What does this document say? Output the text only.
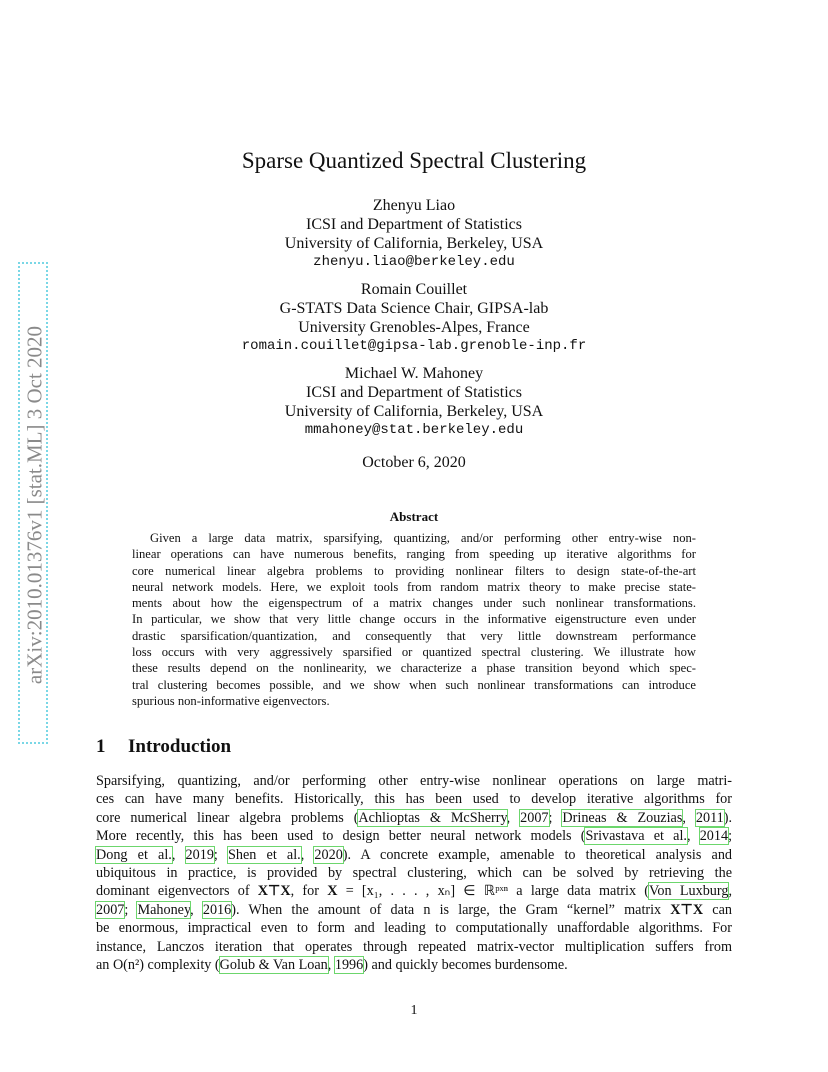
arXiv:2010.01376v1 [stat.ML] 3 Oct 2020
Sparse Quantized Spectral Clustering
Zhenyu Liao
ICSI and Department of Statistics
University of California, Berkeley, USA
zhenyu.liao@berkeley.edu
Romain Couillet
G-STATS Data Science Chair, GIPSA-lab
University Grenobles-Alpes, France
romain.couillet@gipsa-lab.grenoble-inp.fr
Michael W. Mahoney
ICSI and Department of Statistics
University of California, Berkeley, USA
mmahoney@stat.berkeley.edu
October 6, 2020
Abstract
Given a large data matrix, sparsifying, quantizing, and/or performing other entry-wise non-
linear operations can have numerous benefits, ranging from speeding up iterative algorithms for
core numerical linear algebra problems to providing nonlinear filters to design state-of-the-art
neural network models. Here, we exploit tools from random matrix theory to make precise state-
ments about how the eigenspectrum of a matrix changes under such nonlinear transformations.
In particular, we show that very little change occurs in the informative eigenstructure even under
drastic sparsification/quantization, and consequently that very little downstream performance
loss occurs with very aggressively sparsified or quantized spectral clustering. We illustrate how
these results depend on the nonlinearity, we characterize a phase transition beyond which spec-
tral clustering becomes possible, and we show when such nonlinear transformations can introduce
spurious non-informative eigenvectors.
1 Introduction
Sparsifying, quantizing, and/or performing other entry-wise nonlinear operations on large matri-
ces can have many benefits. Historically, this has been used to develop iterative algorithms for
core numerical linear algebra problems (Achlioptas & McSherry, 2007; Drineas & Zouzias, 2011).
More recently, this has been used to design better neural network models (Srivastava et al., 2014;
Dong et al., 2019; Shen et al., 2020). A concrete example, amenable to theoretical analysis and
ubiquitous in practice, is provided by spectral clustering, which can be solved by retrieving the
dominant eigenvectors of X⊤X, for X = [x₁, . . . , xₙ] ∈ ℝᵖˣⁿ a large data matrix (Von Luxburg,
2007; Mahoney, 2016). When the amount of data n is large, the Gram “kernel” matrix X⊤X can
be enormous, impractical even to form and leading to computationally unaffordable algorithms. For
instance, Lanczos iteration that operates through repeated matrix-vector multiplication suffers from
an O(n²) complexity (Golub & Van Loan, 1996) and quickly becomes burdensome.
1
